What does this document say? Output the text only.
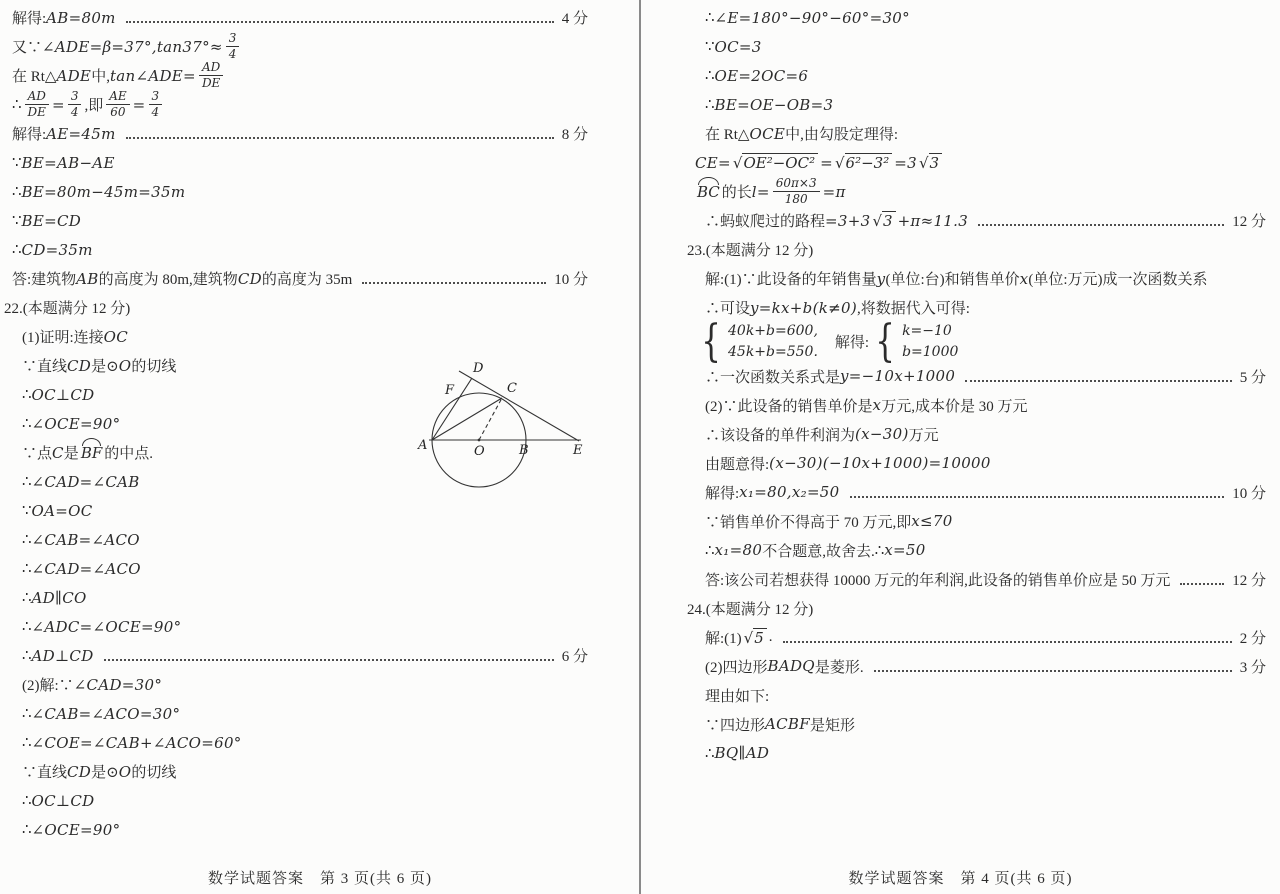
解得: AB=80m	4 分
又∵ ∠ADE=β=37°,tan37°≈ $\frac{3}{4}$
在 Rt△ ADE 中, tan∠ADE= $\frac{AD}{DE}$
∴ $\frac{AD}{DE} = \frac{3}{4}$ ,即 $\frac{AE}{60} = \frac{3}{4}$
解得: AE=45m	8 分
∵ BE=AB−AE
∴ BE=80m−45m=35m
∵ BE=CD
∴ CD=35m
答:建筑物 AB 的高度为 80m,建筑物 CD 的高度为 35m	10 分
22.(本题满分 12 分)
(1)证明:连接 OC
∵直线 CD 是⊙ O 的切线
∴ OC⊥CD
∴ ∠OCE=90°
∵点 C 是 BF 的中点.
∴ ∠CAD=∠CAB
∵ OA=OC
∴ ∠CAB=∠ACO
∴ ∠CAD=∠ACO
∴ AD∥CO
∴ ∠ADC=∠OCE=90°
∴ AD⊥CD	6 分
(2)解:∵ ∠CAD=30°
∴ ∠CAB=∠ACO=30°
∴ ∠COE=∠CAB+∠ACO=60°
∵直线 CD 是⊙ O 的切线
∴ OC⊥CD
∴ ∠OCE=90°
数学试题答案　第 3 页(共 6 页)
A	O	B	E
C
D
F
∴ ∠E=180°−90°−60°=30°
∵ OC=3
∴ OE=2OC=6
∴ BE=OE−OB=3
在 Rt△ OCE 中,由勾股定理得:
CE= √ OE²−OC² = √ 6²−3² =3 √ 3
BC 的长 $l= \frac{60\pi\times 3}{180} =\pi$
∴蚂蚁爬过的路程 =3+3 √ 3 +π≈11.3	12 分
23.(本题满分 12 分)
解:(1)∵此设备的年销售量 y (单位:台)和销售单价 x (单位:万元)成一次函数关系
∴可设 y=kx+b(k≠0) ,将数据代入可得:
{ 40k+b=600,
45k+b=550.
　解得: { k=−10
b=1000
∴一次函数关系式是 y=−10x+1000	5 分
(2)∵此设备的销售单价是 x 万元,成本价是 30 万元
∴该设备的单件利润为 (x−30) 万元
由题意得: (x−30)(−10x+1000)=10000
解得: x₁=80,x₂=50	10 分
∵销售单价不得高于 70 万元,即 x≤70
∴ x₁=80 不合题意,故舍去. ∴ x=50
答:该公司若想获得 10000 万元的年利润,此设备的销售单价应是 50 万元	12 分
24.(本题满分 12 分)
解:(1) √ 5 .	2 分
(2)四边形 BADQ 是菱形.	3 分
理由如下:
∵四边形 ACBF 是矩形
∴ BQ∥AD
数学试题答案　第 4 页(共 6 页)
